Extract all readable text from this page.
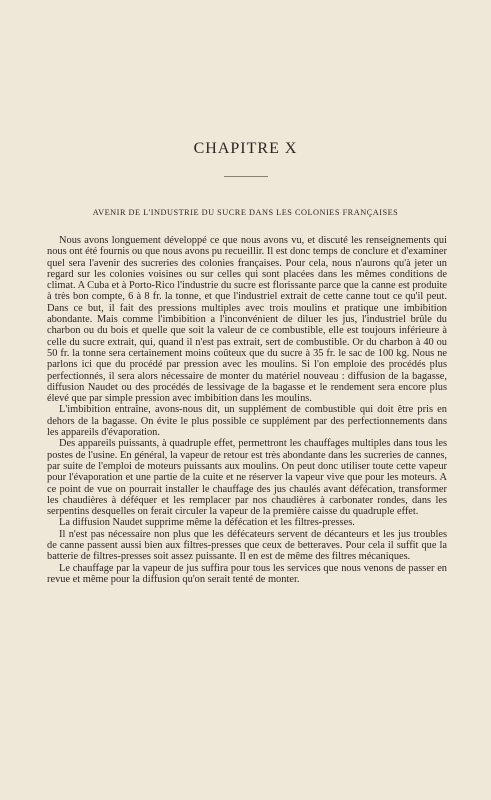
CHAPITRE X
AVENIR DE L'INDUSTRIE DU SUCRE DANS LES COLONIES FRANÇAISES

Nous avons longuement développé ce que nous avons vu, et discuté les renseignements qui nous ont été fournis ou que nous avons pu recueillir. Il est donc temps de conclure et d'examiner quel sera l'avenir des sucreries des colonies françaises. Pour cela, nous n'aurons qu'à jeter un regard sur les colonies voisines ou sur celles qui sont placées dans les mêmes conditions de climat. A Cuba et à Porto-Rico l'industrie du sucre est florissante parce que la canne est produite à très bon compte, 6 à 8 fr. la tonne, et que l'industriel extrait de cette canne tout ce qu'il peut. Dans ce but, il fait des pressions multiples avec trois moulins et pratique une imbibition abondante. Mais comme l'imbibition a l'inconvénient de diluer les jus, l'industriel brûle du charbon ou du bois et quelle que soit la valeur de ce combustible, elle est toujours inférieure à celle du sucre extrait, qui, quand il n'est pas extrait, sert de combustible. Or du charbon à 40 ou 50 fr. la tonne sera certainement moins coûteux que du sucre à 35 fr. le sac de 100 kg. Nous ne parlons ici que du procédé par pression avec les moulins. Si l'on emploie des procédés plus perfectionnés, il sera alors nécessaire de monter du matériel nouveau : diffusion de la bagasse, diffusion Naudet ou des procédés de lessivage de la bagasse et le rendement sera encore plus élevé que par simple pression avec imbibition dans les moulins.

L'imbibition entraîne, avons-nous dit, un supplément de combustible qui doit être pris en dehors de la bagasse. On évite le plus possible ce supplément par des perfectionnements dans les appareils d'évaporation.

Des appareils puissants, à quadruple effet, permettront les chauffages multiples dans tous les postes de l'usine. En général, la vapeur de retour est très abondante dans les sucreries de cannes, par suite de l'emploi de moteurs puissants aux moulins. On peut donc utiliser toute cette vapeur pour l'évaporation et une partie de la cuite et ne réserver la vapeur vive que pour les moteurs. A ce point de vue on pourrait installer le chauffage des jus chaulés avant défécation, transformer les chaudières à déféquer et les remplacer par nos chaudières à carbonater rondes, dans les serpentins desquelles on ferait circuler la vapeur de la première caisse du quadruple effet.

La diffusion Naudet supprime même la défécation et les filtres-presses.

Il n'est pas nécessaire non plus que les défécateurs servent de décanteurs et les jus troubles de canne passent aussi bien aux filtres-presses que ceux de betteraves. Pour cela il suffit que la batterie de filtres-presses soit assez puissante. Il en est de même des filtres mécaniques.

Le chauffage par la vapeur de jus suffira pour tous les services que nous venons de passer en revue et même pour la diffusion qu'on serait tenté de monter.
